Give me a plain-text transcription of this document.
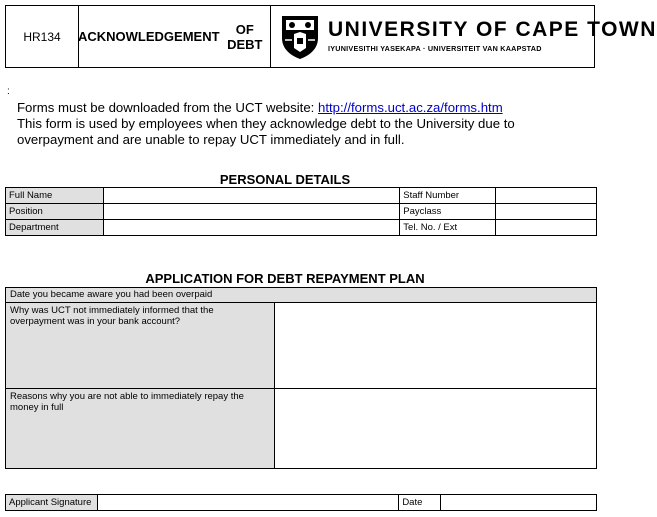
HR134	ACKNOWLEDGEMENT	OF DEBT
UNIVERSITY OF CAPE TOWN
IYUNIVESITHI YASEKAPA · UNIVERSITEIT VAN KAAPSTAD
:

Forms must be downloaded from the UCT website: http://forms.uct.ac.za/forms.htm

This form is used by employees when they acknowledge debt to the University due to

overpayment and are unable to repay UCT immediately and in full.

PERSONAL DETAILS
Full Name		Staff Number	
Position		Payclass	
Department		Tel. No. / Ext	
APPLICATION FOR DEBT REPAYMENT PLAN
Date you became aware you had been overpaid	
Why was UCT not immediately informed that the overpayment was in your bank account?	
Reasons why you are not able to immediately repay the money in full	
Applicant Signature		Date	
